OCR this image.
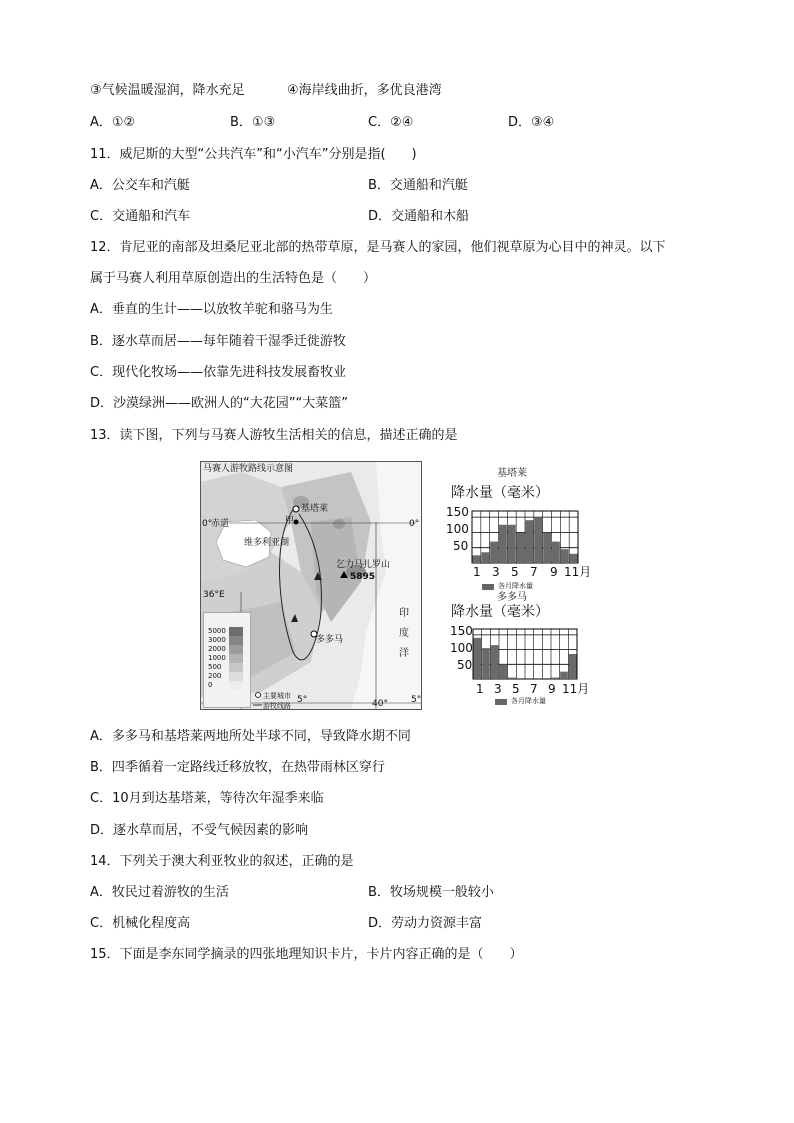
③气候温暖湿润，降水充足	④海岸线曲折，多优良港湾
A．①②	B．①③	C．②④	D．③④
11．威尼斯的大型“公共汽车”和“小汽车”分别是指(　　)
A．公交车和汽艇	B．交通船和汽艇
C．交通船和汽车	D．交通船和木船
12．肯尼亚的南部及坦桑尼亚北部的热带草原，是马赛人的家园，他们视草原为心目中的神灵。以下
属于马赛人利用草原创造出的生活特色是（　　）
A．垂直的生计——以放牧羊驼和骆马为生
B．逐水草而居——每年随着干湿季迁徙游牧
C．现代化牧场——依靠先进科技发展畜牧业
D．沙漠绿洲——欧洲人的“大花园”“大菜篮”
13．读下图，下列与马赛人游牧生活相关的信息，描述正确的是
马赛人游牧路线示意图
基塔莱
甲
赤道
0°	0°
维多利亚湖
乞力马扎罗山
5895
36°E
印度洋
多多马
5°	5°
40°
5000
3000
2000
1000
500
200
0
主要城市
游牧线路
基塔莱
降水量（毫米）
150
100
50
1 3 5 7 9 11月
各月降水量
多多马
降水量（毫米）
150
100
50
1 3 5 7 9 11月
各月降水量
A．多多马和基塔莱两地所处半球不同，导致降水期不同
B．四季循着一定路线迁移放牧，在热带雨林区穿行
C．10月到达基塔莱，等待次年湿季来临
D．逐水草而居，不受气候因素的影响
14．下列关于澳大利亚牧业的叙述，正确的是
A．牧民过着游牧的生活	B．牧场规模一般较小
C．机械化程度高	D．劳动力资源丰富
15．下面是李东同学摘录的四张地理知识卡片，卡片内容正确的是（　　）
